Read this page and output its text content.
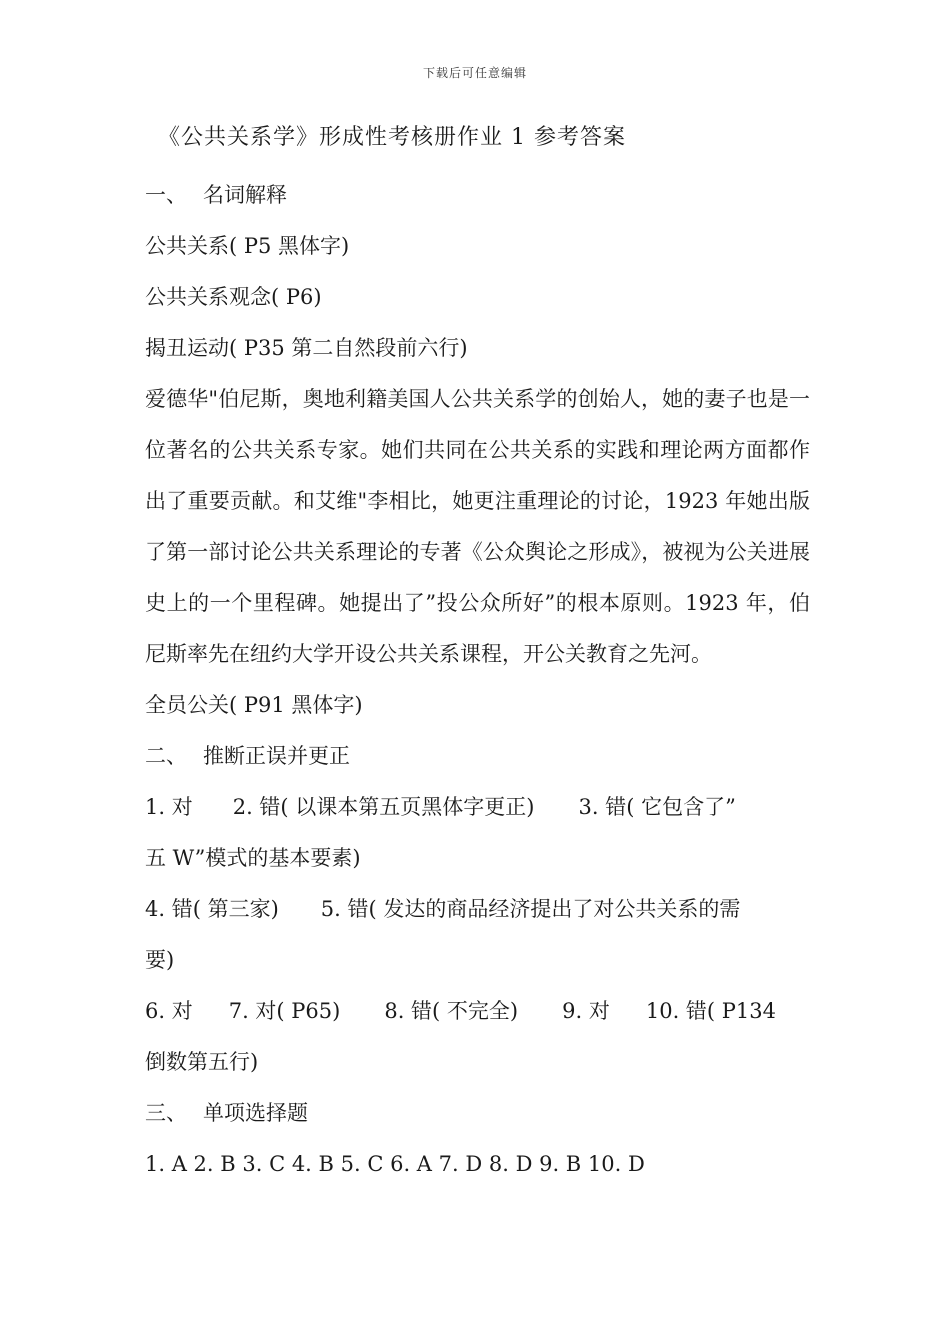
下载后可任意编辑
《公共关系学》形成性考核册作业 1 参考答案
一、 名词解释
公共关系( P5 黑体字)
公共关系观念( P6)
揭丑运动( P35 第二自然段前六行)
爱德华"伯尼斯，奥地利籍美国人公共关系学的创始人，她的妻子也是一位著名的公共关系专家。她们共同在公共关系的实践和理论两方面都作出了重要贡献。和艾维"李相比，她更注重理论的讨论，1923 年她出版了第一部讨论公共关系理论的专著《公众舆论之形成》，被视为公关进展史上的一个里程碑。她提出了”投公众所好”的根本原则。1923 年，伯尼斯率先在纽约大学开设公共关系课程，开公关教育之先河。
全员公关( P91 黑体字)
二、 推断正误并更正
1. 对 2. 错( 以课本第五页黑体字更正) 3. 错( 它包含了”
五 W”模式的基本要素)
4. 错( 第三家) 5. 错( 发达的商品经济提出了对公共关系的需
要)
6. 对 7. 对( P65) 8. 错( 不完全) 9. 对 10. 错( P134
倒数第五行)
三、 单项选择题
1. A 2. B 3. C 4. B 5. C 6. A 7. D 8. D 9. B 10. D
